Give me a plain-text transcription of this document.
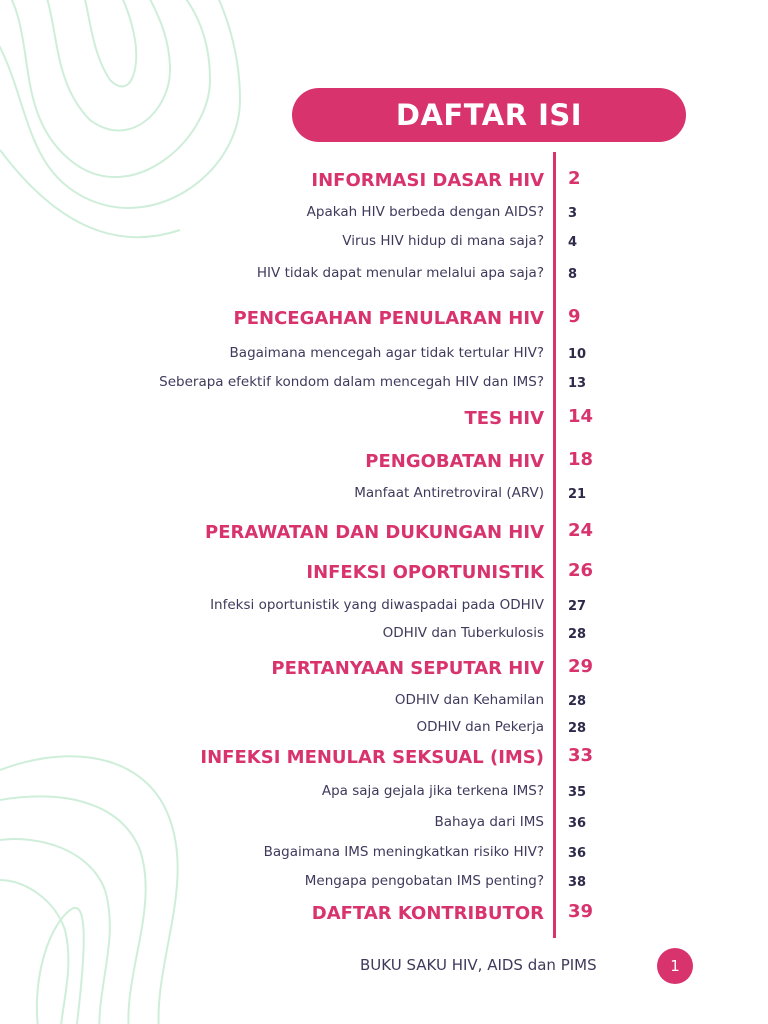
DAFTAR ISI
INFORMASI DASAR HIV 2
Apakah HIV berbeda dengan AIDS? 3
Virus HIV hidup di mana saja? 4
HIV tidak dapat menular melalui apa saja? 8
PENCEGAHAN PENULARAN HIV 9
Bagaimana mencegah agar tidak tertular HIV? 10
Seberapa efektif kondom dalam mencegah HIV dan IMS? 13
TES HIV 14
PENGOBATAN HIV 18
Manfaat Antiretroviral (ARV) 21
PERAWATAN DAN DUKUNGAN HIV 24
INFEKSI OPORTUNISTIK 26
Infeksi oportunistik yang diwaspadai pada ODHIV 27
ODHIV dan Tuberkulosis 28
PERTANYAAN SEPUTAR HIV 29
ODHIV dan Kehamilan 28
ODHIV dan Pekerja 28
INFEKSI MENULAR SEKSUAL (IMS) 33
Apa saja gejala jika terkena IMS? 35
Bahaya dari IMS 36
Bagaimana IMS meningkatkan risiko HIV? 36
Mengapa pengobatan IMS penting? 38
DAFTAR KONTRIBUTOR 39
BUKU SAKU HIV, AIDS dan PIMS	1
